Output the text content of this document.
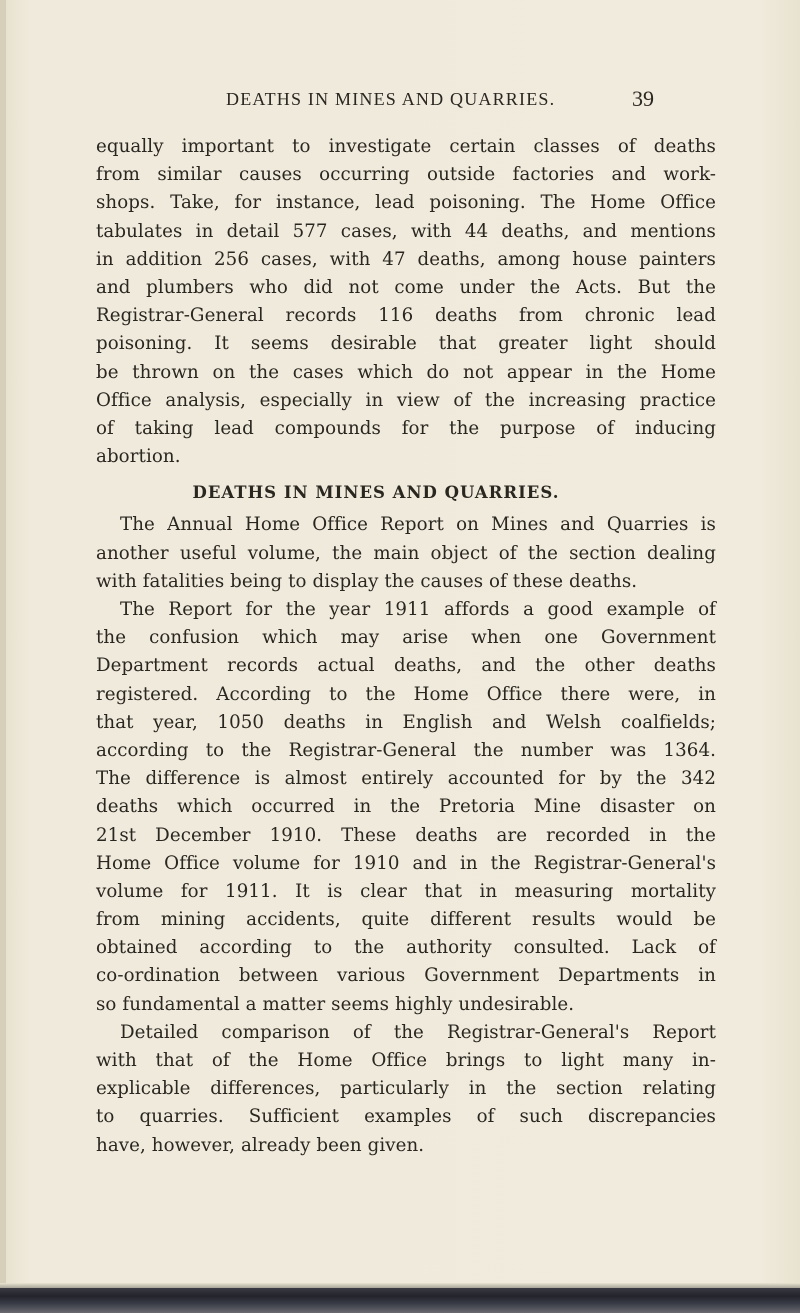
DEATHS IN MINES AND QUARRIES.	39
equally important to investigate certain classes of deaths
from similar causes occurring outside factories and work-
shops. Take, for instance, lead poisoning. The Home Office
tabulates in detail 577 cases, with 44 deaths, and mentions
in addition 256 cases, with 47 deaths, among house painters
and plumbers who did not come under the Acts. But the
Registrar-General records 116 deaths from chronic lead
poisoning. It seems desirable that greater light should
be thrown on the cases which do not appear in the Home
Office analysis, especially in view of the increasing practice
of taking lead compounds for the purpose of inducing
abortion.
DEATHS IN MINES AND QUARRIES.
The Annual Home Office Report on Mines and Quarries is
another useful volume, the main object of the section dealing
with fatalities being to display the causes of these deaths.
The Report for the year 1911 affords a good example of
the confusion which may arise when one Government
Department records actual deaths, and the other deaths
registered. According to the Home Office there were, in
that year, 1050 deaths in English and Welsh coalfields;
according to the Registrar-General the number was 1364.
The difference is almost entirely accounted for by the 342
deaths which occurred in the Pretoria Mine disaster on
21st December 1910. These deaths are recorded in the
Home Office volume for 1910 and in the Registrar-General's
volume for 1911. It is clear that in measuring mortality
from mining accidents, quite different results would be
obtained according to the authority consulted. Lack of
co-ordination between various Government Departments in
so fundamental a matter seems highly undesirable.
Detailed comparison of the Registrar-General's Report
with that of the Home Office brings to light many in-
explicable differences, particularly in the section relating
to quarries. Sufficient examples of such discrepancies
have, however, already been given.
